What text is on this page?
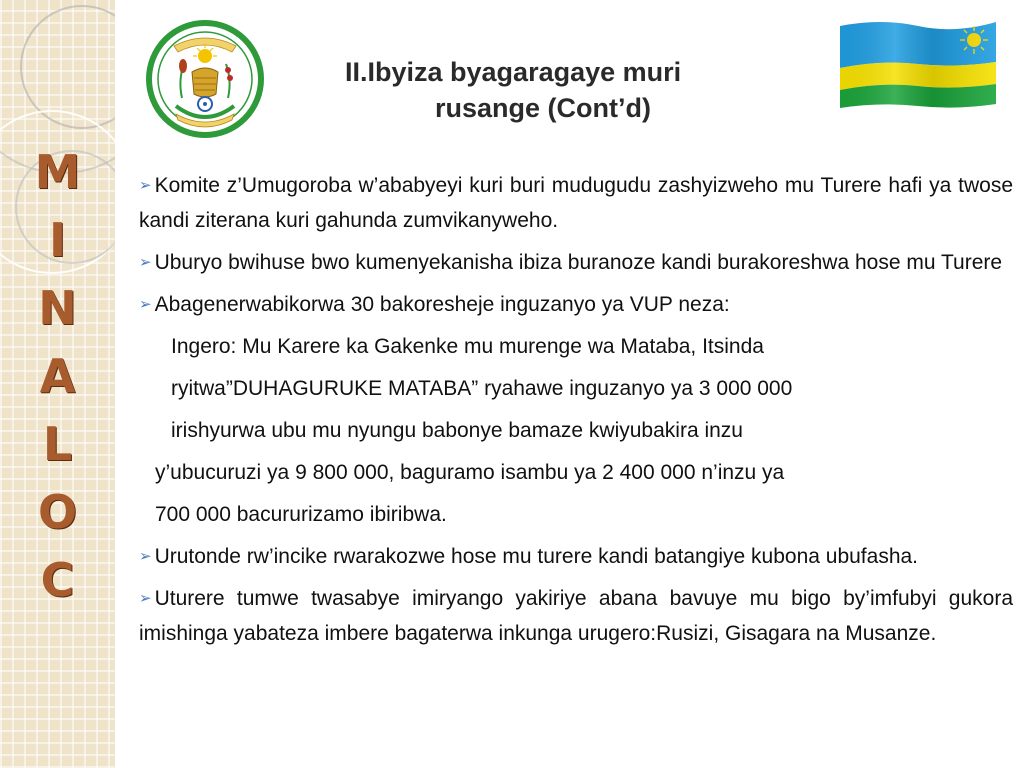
M
I
N
A
L
O
C
II.Ibyiza byagaragaye muri
rusange (Cont’d)

➢ Komite z’Umugoroba w’ababyeyi kuri buri mudugudu zashyizweho mu Turere hafi ya twose kandi ziterana kuri gahunda zumvikanyweho.

➢ Uburyo bwihuse bwo kumenyekanisha ibiza buranoze kandi burakoreshwa hose mu Turere

➢ Abagenerwabikorwa 30 bakoresheje inguzanyo ya VUP neza:

Ingero: Mu Karere ka Gakenke mu murenge wa Mataba, Itsinda

ryitwa”DUHAGURUKE MATABA” ryahawe inguzanyo ya 3 000 000

irishyurwa ubu mu nyungu babonye bamaze kwiyubakira inzu

y’ubucuruzi ya 9 800 000, baguramo isambu ya 2 400 000 n’inzu ya

700 000 bacururizamo ibiribwa.

➢ Urutonde rw’incike rwarakozwe hose mu turere kandi batangiye kubona ubufasha.

➢ Uturere tumwe twasabye imiryango yakiriye abana bavuye mu bigo by’imfubyi gukora imishinga yabateza imbere bagaterwa inkunga urugero:Rusizi, Gisagara na Musanze.
